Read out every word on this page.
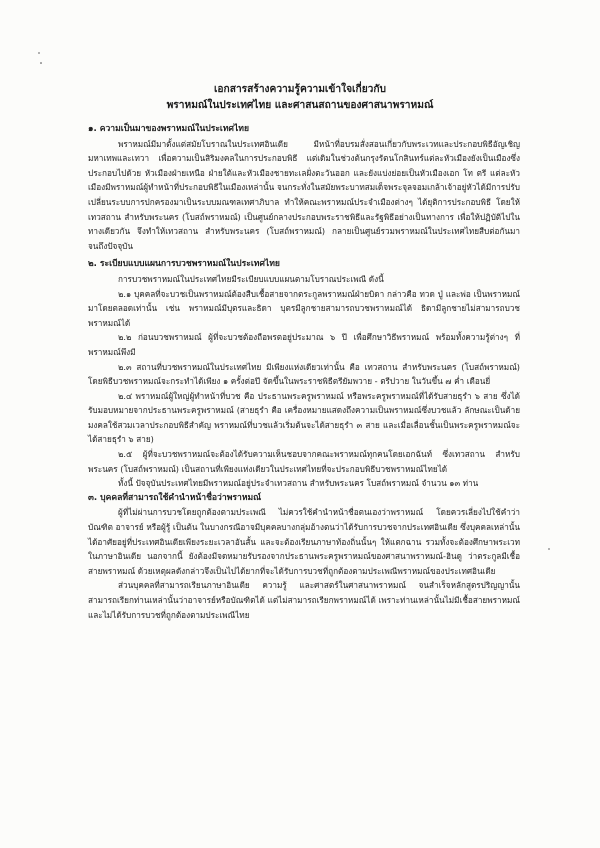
เอกสารสร้างความรู้ความเข้าใจเกี่ยวกับ
พราหมณ์ในประเทศไทย และศาสนสถานของศาสนาพราหมณ์
๑. ความเป็นมาของพราหมณ์ในประเทศไทย
พราหมณ์มีมาตั้งแต่สมัยโบราณในประเทศอินเดีย มีหน้าที่อบรมสั่งสอนเกี่ยวกับพระเวทและประกอบพิธีอัญเชิญมหาเทพและเทวา เพื่อความเป็นสิริมงคลในการประกอบพิธี แต่เดิมในช่วงต้นกรุงรัตนโกสินทร์แต่ละหัวเมืองยังเป็นเมืองซึ่งประกอบไปด้วย หัวเมืองฝ่ายเหนือ ฝ่ายใต้และหัวเมืองชายทะเลฝั่งตะวันออก และยังแบ่งย่อยเป็นหัวเมืองเอก โท ตรี แต่ละหัวเมืองมีพราหมณ์ผู้ทำหน้าที่ประกอบพิธีในเมืองเหล่านั้น จนกระทั่งในสมัยพระบาทสมเด็จพระจุลจอมเกล้าเจ้าอยู่หัวได้มีการปรับเปลี่ยนระบบการปกครองมาเป็นระบบมณฑลเทศาภิบาล ทำให้คณะพราหมณ์ประจำเมืองต่างๆ ได้ยุติการประกอบพิธี โดยให้เทวสถาน สำหรับพระนคร (โบสถ์พราหมณ์) เป็นศูนย์กลางประกอบพระราชพิธีและรัฐพิธีอย่างเป็นทางการ เพื่อให้ปฏิบัติไปในทางเดียวกัน จึงทำให้เทวสถาน สำหรับพระนคร (โบสถ์พราหมณ์) กลายเป็นศูนย์รวมพราหมณ์ในประเทศไทยสืบต่อกันมาจนถึงปัจจุบัน
๒. ระเบียบแบบแผนการบวชพราหมณ์ในประเทศไทย
การบวชพราหมณ์ในประเทศไทยมีระเบียบแบบแผนตามโบราณประเพณี ดังนี้
๒.๑ บุคคลที่จะบวชเป็นพราหมณ์ต้องสืบเชื้อสายจากตระกูลพราหมณ์ฝ่ายบิดา กล่าวคือ ทวด ปู่ และพ่อ เป็นพราหมณ์มาโดยตลอดเท่านั้น เช่น พราหมณ์มีบุตรและธิดา บุตรมีลูกชายสามารถบวชพราหมณ์ได้ ธิดามีลูกชายไม่สามารถบวชพราหมณ์ได้
๒.๒ ก่อนบวชพราหมณ์ ผู้ที่จะบวชต้องถือพรตอยู่ประมาณ ๖ ปี เพื่อศึกษาวิธีพราหมณ์ พร้อมทั้งความรู้ต่างๆ ที่พราหมณ์พึงมี
๒.๓ สถานที่บวชพราหมณ์ในประเทศไทย มีเพียงแห่งเดียวเท่านั้น คือ เทวสถาน สำหรับพระนคร (โบสถ์พราหมณ์) โดยพิธีบวชพราหมณ์จะกระทำได้เพียง ๑ ครั้งต่อปี จัดขึ้นในพระราชพิธีตรียัมพวาย - ตรีปวาย ในวันขึ้น ๗ ค่ำ เดือนยี่
๒.๔ พราหมณ์ผู้ใหญ่ผู้ทำหน้าที่บวช คือ ประธานพระครูพราหมณ์ หรือพระครูพราหมณ์ที่ได้รับสายธุรำ ๖ สาย ซึ่งได้รับมอบหมายจากประธานพระครูพราหมณ์ (สายธุรำ คือ เครื่องหมายแสดงถึงความเป็นพราหมณ์ซึ่งบวชแล้ว ลักษณะเป็นด้ายมงคลใช้สวมเวลาประกอบพิธีสำคัญ พราหมณ์ที่บวชแล้วเริ่มต้นจะได้สายธุรำ ๓ สาย และเมื่อเลื่อนชั้นเป็นพระครูพราหมณ์จะได้สายธุรำ ๖ สาย)
๒.๕ ผู้ที่จะบวชพราหมณ์จะต้องได้รับความเห็นชอบจากคณะพราหมณ์ทุกคนโดยเอกฉันท์ ซึ่งเทวสถาน สำหรับพระนคร (โบสถ์พราหมณ์) เป็นสถานที่เพียงแห่งเดียวในประเทศไทยที่จะประกอบพิธีบวชพราหมณ์ไทยได้
ทั้งนี้ ปัจจุบันประเทศไทยมีพราหมณ์อยู่ประจำเทวสถาน สำหรับพระนคร โบสถ์พราหมณ์ จำนวน ๑๓ ท่าน
๓. บุคคลที่สามารถใช้คำนำหน้าชื่อว่าพราหมณ์
ผู้ที่ไม่ผ่านการบวชโดยถูกต้องตามประเพณี ไม่ควรใช้คำนำหน้าชื่อตนเองว่าพราหมณ์ โดยควรเลี่ยงไปใช้คำว่า บัณฑิต อาจารย์ หรือผู้รู้ เป็นต้น ในบางกรณีอาจมีบุคคลบางกลุ่มอ้างตนว่าได้รับการบวชจากประเทศอินเดีย ซึ่งบุคคลเหล่านั้นได้อาศัยอยู่ที่ประเทศอินเดียเพียงระยะเวลาอันสั้น และจะต้องเรียนภาษาท้องถิ่นนั้นๆ ให้แตกฉาน รวมทั้งจะต้องศึกษาพระเวทในภาษาอินเดีย นอกจากนี้ ยังต้องมีจดหมายรับรองจากประธานพระครูพราหมณ์ของศาสนาพราหมณ์-ฮินดู ว่าตระกูลมีเชื้อสายพราหมณ์ ด้วยเหตุผลดังกล่าวจึงเป็นไปได้ยากที่จะได้รับการบวชที่ถูกต้องตามประเพณีพราหมณ์ของประเทศอินเดีย
ส่วนบุคคลที่สามารถเรียนภาษาอินเดีย ความรู้ และศาสตร์ในศาสนาพราหมณ์ จนสำเร็จหลักสูตรปริญญานั้น สามารถเรียกท่านเหล่านั้นว่าอาจารย์หรือบัณฑิตได้ แต่ไม่สามารถเรียกพราหมณ์ได้ เพราะท่านเหล่านั้นไม่มีเชื้อสายพราหมณ์ และไม่ได้รับการบวชที่ถูกต้องตามประเพณีไทย
